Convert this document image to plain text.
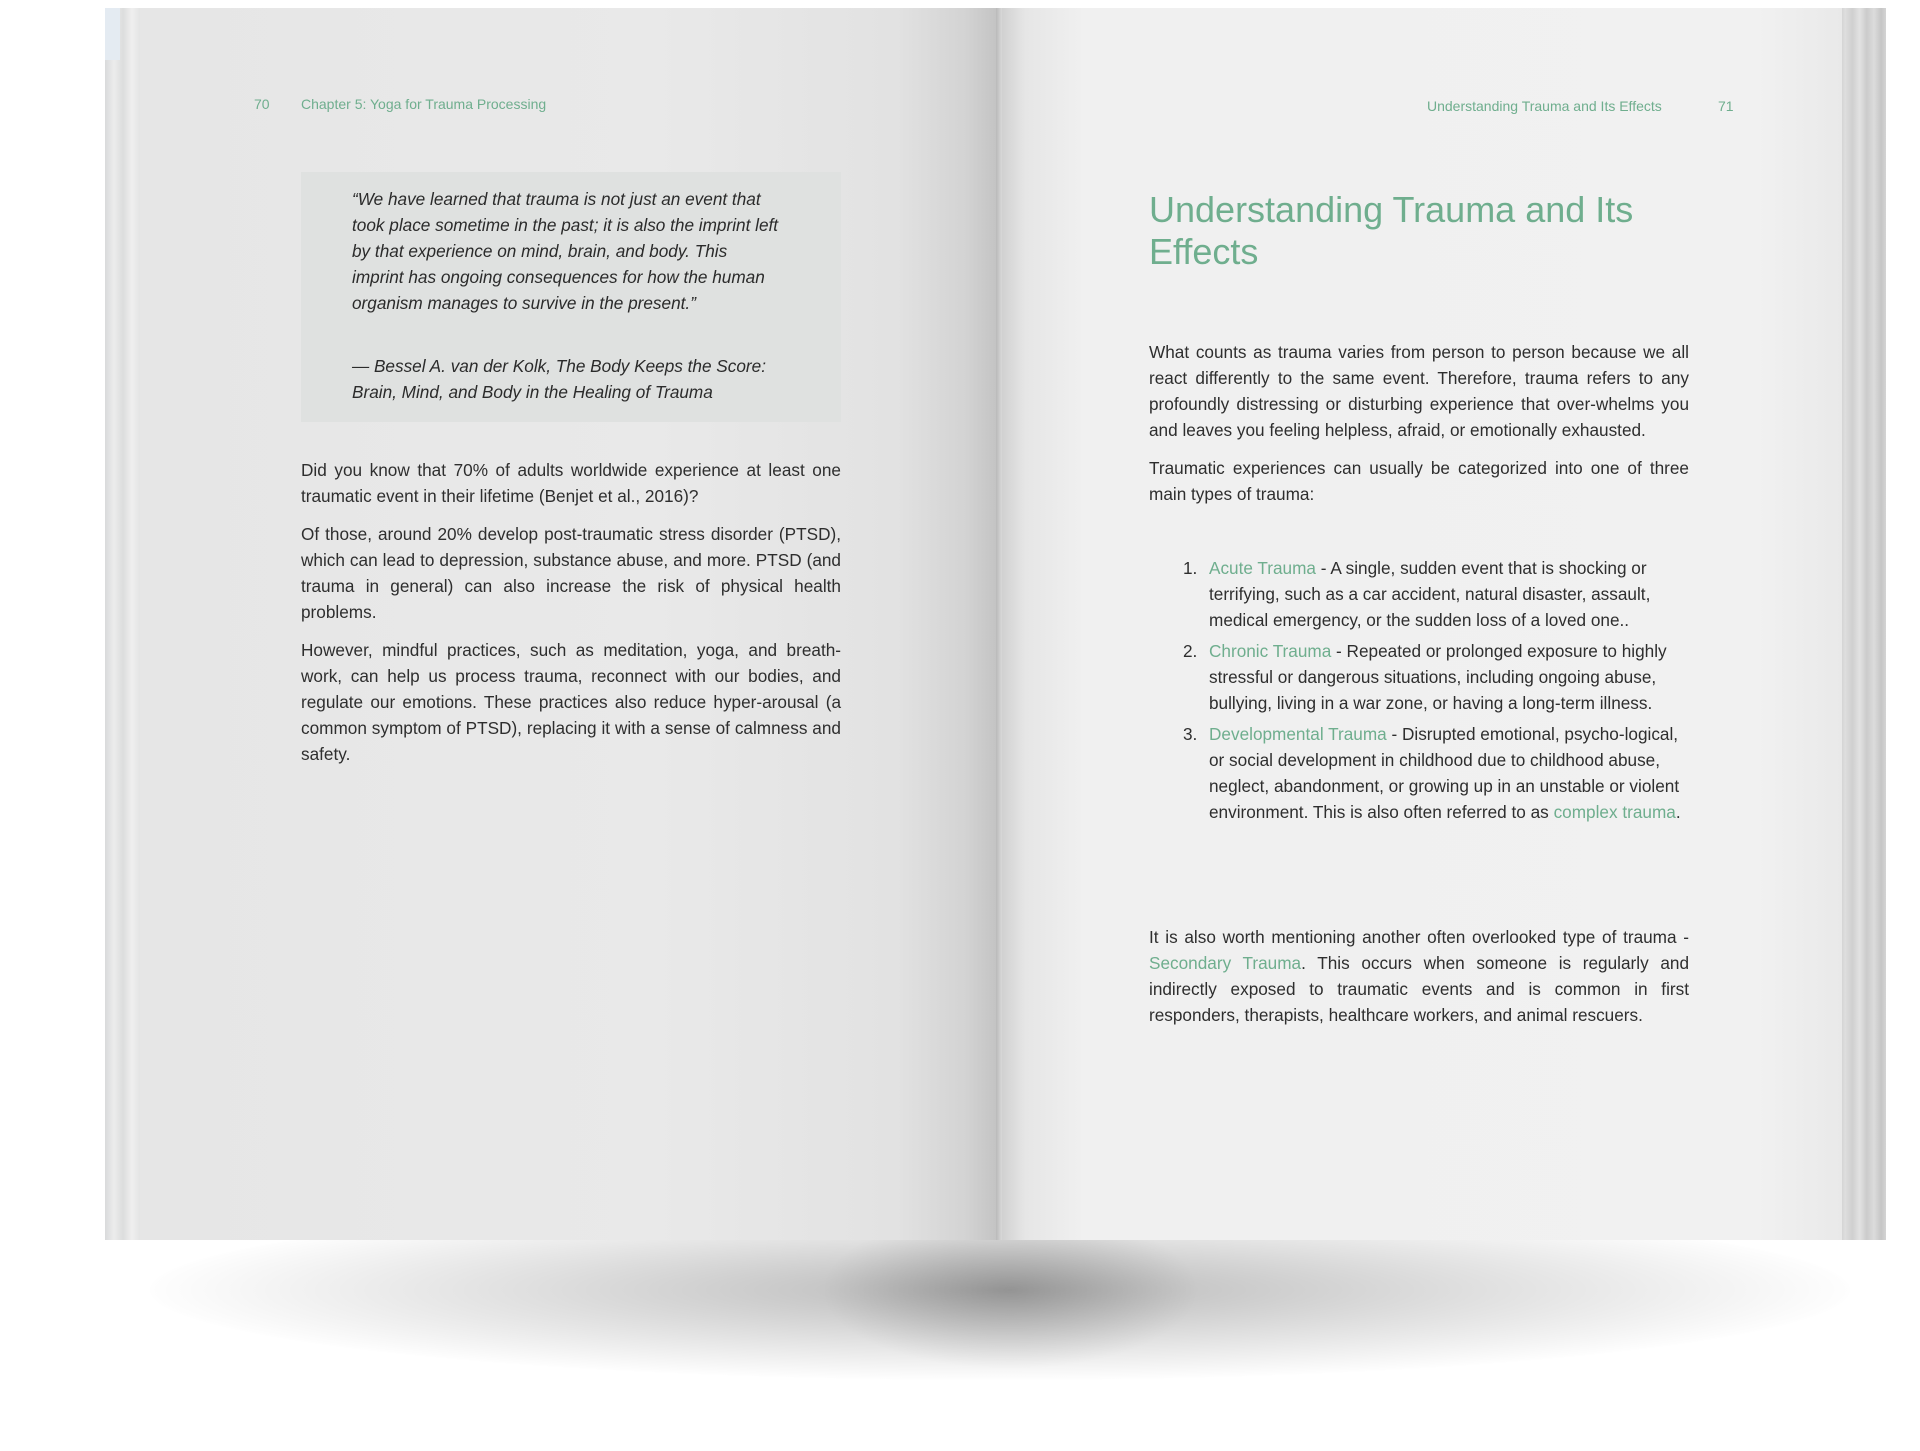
70 Chapter 5: Yoga for Trauma Processing
“We have learned that trauma is not just an event that took place sometime in the past; it is also the imprint left by that experience on mind, brain, and body. This imprint has ongoing consequences for how the human organism manages to survive in the present.”
— Bessel A. van der Kolk, The Body Keeps the Score: Brain, Mind, and Body in the Healing of Trauma

Did you know that 70% of adults worldwide experience at least one traumatic event in their lifetime (Benjet et al., 2016)?

Of those, around 20% develop post-traumatic stress disorder (PTSD), which can lead to depression, substance abuse, and more. PTSD (and trauma in general) can also increase the risk of physical health problems.

However, mindful practices, such as meditation, yoga, and breath-work, can help us process trauma, reconnect with our bodies, and regulate our emotions. These practices also reduce hyper-arousal (a common symptom of PTSD), replacing it with a sense of calmness and safety.

Understanding Trauma and Its Effects	71
Understanding Trauma and Its Effects

What counts as trauma varies from person to person because we all react differently to the same event. Therefore, trauma refers to any profoundly distressing or disturbing experience that over-whelms you and leaves you feeling helpless, afraid, or emotionally exhausted.

Traumatic experiences can usually be categorized into one of three main types of trauma:

1. Acute Trauma - A single, sudden event that is shocking or terrifying, such as a car accident, natural disaster, assault, medical emergency, or the sudden loss of a loved one..
2. Chronic Trauma - Repeated or prolonged exposure to highly stressful or dangerous situations, including ongoing abuse, bullying, living in a war zone, or having a long-term illness.
3. Developmental Trauma - Disrupted emotional, psycho-logical, or social development in childhood due to childhood abuse, neglect, abandonment, or growing up in an unstable or violent environment. This is also often referred to as complex trauma.

It is also worth mentioning another often overlooked type of trauma - Secondary Trauma. This occurs when someone is regularly and indirectly exposed to traumatic events and is common in first responders, therapists, healthcare workers, and animal rescuers.
